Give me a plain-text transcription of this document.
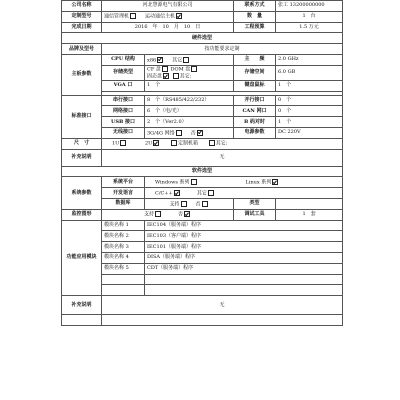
公司名称	河北慧源电气有限公司		联系方式	张工 13200000000
定制型号	通信管理机 运动通信主机		数　量	1　台
完成日期	2016　年　10　月　10　日		工程预算	1.5 万元
硬件选型				
品牌及型号	按功能要求定制			
主板参数	CPU 结构	x86 其它	主　　频	2.0 GHz
	存储类型	CF 盘 DOM 盘
固态盘 其它:	存储空间	6.0 GB
	VGA 口	1　个	键盘鼠标	1　个

标准接口	串行接口	8　个（RS485/422/232）	并行接口	0　个
	网络接口	6　个（电/光）	CAN 网口	0　个
	USB 接口	2　个（Ver2.0）	B 码对时	1　个
	无线接口	3G/4G 网络 否	电源参数	DC 220V
尺　寸	1U 2U 定制机箱 其它:			
补充说明	无			
软件选型				
系统参数	系统平台	Windows 系列 Linux 系列		
	开发语言	C/C++ 其它		
	数据库	支持 否	类型	
监控图形	支持 否		调试工具	1　套
功能应用模块	模块名称 1	IEC104（服务端）程序		
	模块名称 2	IEC103（客户端）程序		
	模块名称 3	IEC101（服务端）程序		
	模块名称 4	DISA（服务端）程序		
	模块名称 5	CDT（服务端）程序		

补充说明	无			
